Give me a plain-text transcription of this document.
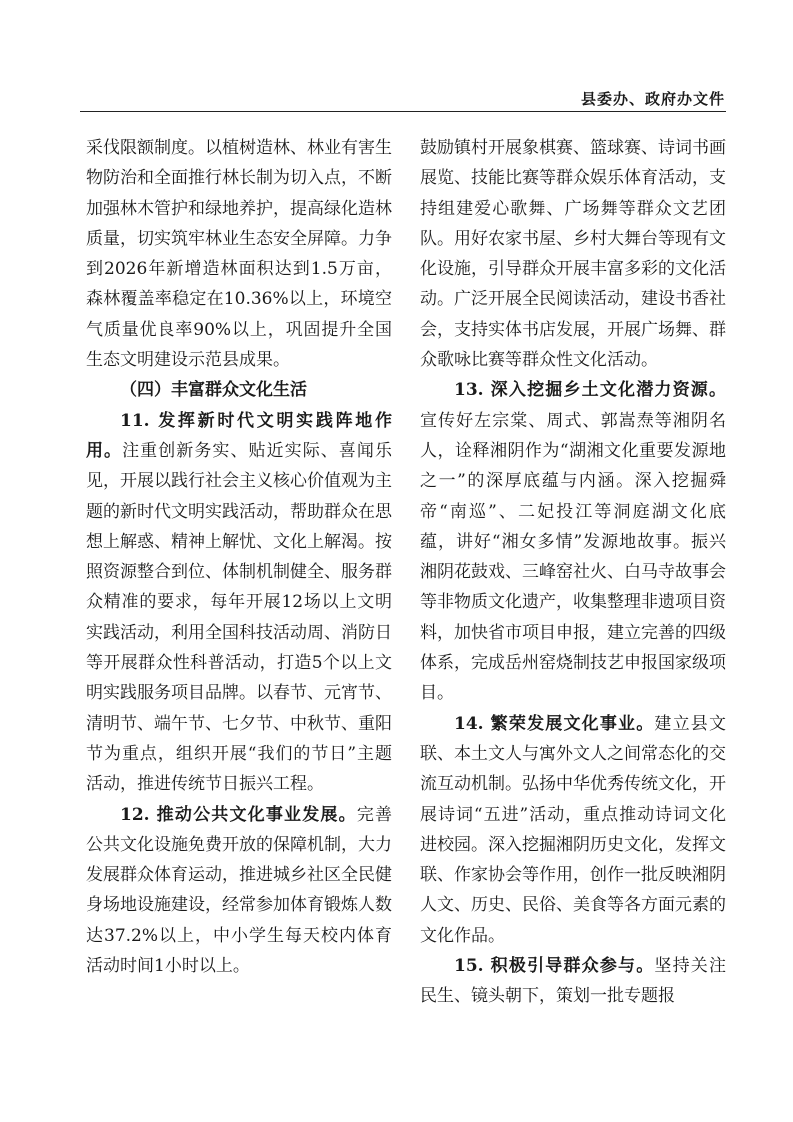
县委办、政府办文件

采伐限额制度。以植树造林、林业有害生物防治和全面推行林长制为切入点，不断加强林木管护和绿地养护，提高绿化造林质量，切实筑牢林业生态安全屏障。力争到2026年新增造林面积达到1.5万亩，森林覆盖率稳定在10.36%以上，环境空气质量优良率90%以上，巩固提升全国生态文明建设示范县成果。

（四）丰富群众文化生活

11. 发挥新时代文明实践阵地作用。注重创新务实、贴近实际、喜闻乐见，开展以践行社会主义核心价值观为主题的新时代文明实践活动，帮助群众在思想上解惑、精神上解忧、文化上解渴。按照资源整合到位、体制机制健全、服务群众精准的要求，每年开展12场以上文明实践活动，利用全国科技活动周、消防日等开展群众性科普活动，打造5个以上文明实践服务项目品牌。以春节、元宵节、清明节、端午节、七夕节、中秋节、重阳节为重点，组织开展“我们的节日”主题活动，推进传统节日振兴工程。

12. 推动公共文化事业发展。完善公共文化设施免费开放的保障机制，大力发展群众体育运动，推进城乡社区全民健身场地设施建设，经常参加体育锻炼人数达37.2%以上，中小学生每天校内体育活动时间1小时以上。

鼓励镇村开展象棋赛、篮球赛、诗词书画展览、技能比赛等群众娱乐体育活动，支持组建爱心歌舞、广场舞等群众文艺团队。用好农家书屋、乡村大舞台等现有文化设施，引导群众开展丰富多彩的文化活动。广泛开展全民阅读活动，建设书香社会，支持实体书店发展，开展广场舞、群众歌咏比赛等群众性文化活动。

13. 深入挖掘乡土文化潜力资源。宣传好左宗棠、周式、郭嵩焘等湘阴名人，诠释湘阴作为“湖湘文化重要发源地之一”的深厚底蕴与内涵。深入挖掘舜帝“南巡”、二妃投江等洞庭湖文化底蕴，讲好“湘女多情”发源地故事。振兴湘阴花鼓戏、三峰窑社火、白马寺故事会等非物质文化遗产，收集整理非遗项目资料，加快省市项目申报，建立完善的四级体系，完成岳州窑烧制技艺申报国家级项目。

14. 繁荣发展文化事业。建立县文联、本土文人与寓外文人之间常态化的交流互动机制。弘扬中华优秀传统文化，开展诗词“五进”活动，重点推动诗词文化进校园。深入挖掘湘阴历史文化，发挥文联、作家协会等作用，创作一批反映湘阴人文、历史、民俗、美食等各方面元素的文化作品。

15. 积极引导群众参与。坚持关注民生、镜头朝下，策划一批专题报
